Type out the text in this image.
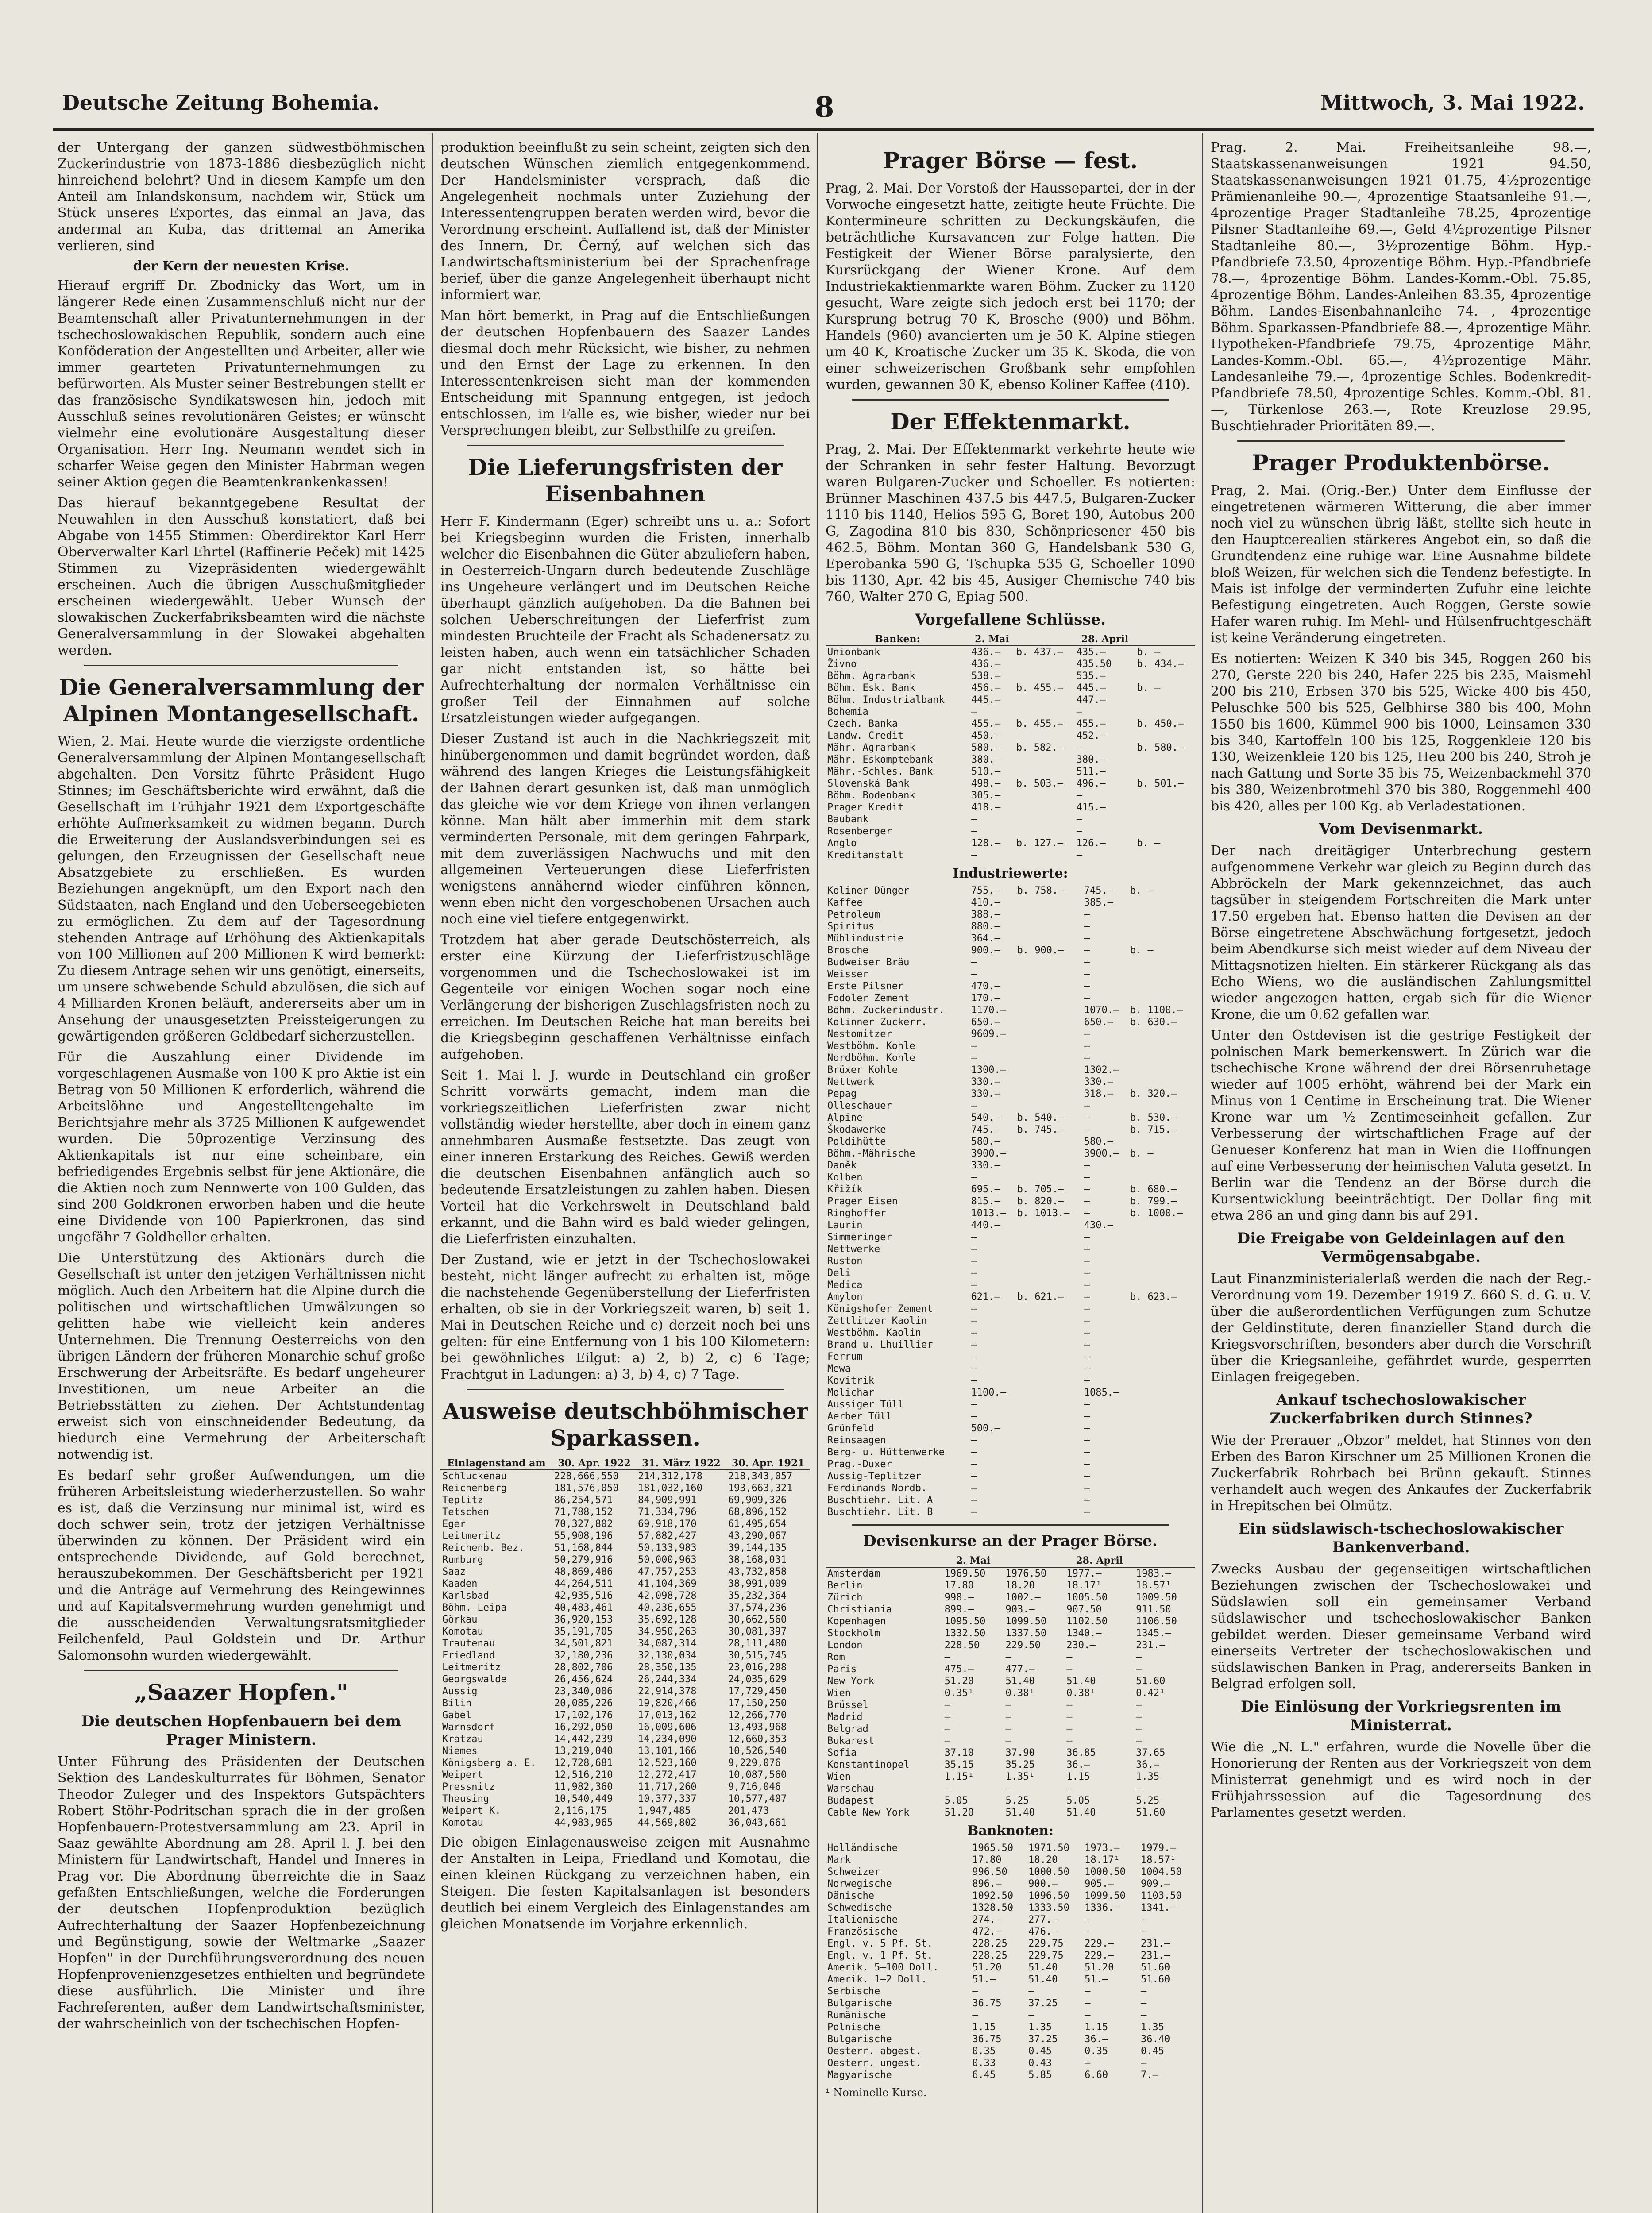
Deutsche Zeitung Bohemia.	8	Mittwoch, 3. Mai 1922.

der Untergang der ganzen südwestböhmischen Zuckerindustrie von 1873-1886 diesbezüglich nicht hinreichend belehrt? Und in diesem Kampfe um den Anteil am Inlandskonsum, nachdem wir, Stück um Stück unseres Exportes, das einmal an Java, das andermal an Kuba, das drittemal an Amerika verlieren, sind

der Kern der neuesten Krise.

Hierauf ergriff Dr. Zbodnicky das Wort, um in längerer Rede einen Zusammenschluß nicht nur der Beamtenschaft aller Privatunternehmungen in der tschechoslowakischen Republik, sondern auch eine Konföderation der Angestellten und Arbeiter, aller wie immer gearteten Privatunternehmungen zu befürworten. Als Muster seiner Bestrebungen stellt er das französische Syndikatswesen hin, jedoch mit Ausschluß seines revolutionären Geistes; er wünscht vielmehr eine evolutionäre Ausgestaltung dieser Organisation. Herr Ing. Neumann wendet sich in scharfer Weise gegen den Minister Habrman wegen seiner Aktion gegen die Beamtenkrankenkassen!

Das hierauf bekanntgegebene Resultat der Neuwahlen in den Ausschuß konstatiert, daß bei Abgabe von 1455 Stimmen: Oberdirektor Karl Herr Oberverwalter Karl Ehrtel (Raffinerie Peček) mit 1425 Stimmen zu Vizepräsidenten wiedergewählt erscheinen. Auch die übrigen Ausschußmitglieder erscheinen wiedergewählt. Ueber Wunsch der slowakischen Zuckerfabriksbeamten wird die nächste Generalversammlung in der Slowakei abgehalten werden.

Die Generalversammlung der Alpinen Montangesellschaft.

Wien, 2. Mai. Heute wurde die vierzigste ordentliche Generalversammlung der Alpinen Montangesellschaft abgehalten. Den Vorsitz führte Präsident Hugo Stinnes; im Geschäftsberichte wird erwähnt, daß die Gesellschaft im Frühjahr 1921 dem Exportgeschäfte erhöhte Aufmerksamkeit zu widmen begann. Durch die Erweiterung der Auslandsverbindungen sei es gelungen, den Erzeugnissen der Gesellschaft neue Absatzgebiete zu erschließen. Es wurden Beziehungen angeknüpft, um den Export nach den Südstaaten, nach England und den Ueberseegebieten zu ermöglichen. Zu dem auf der Tagesordnung stehenden Antrage auf Erhöhung des Aktienkapitals von 100 Millionen auf 200 Millionen K wird bemerkt: Zu diesem Antrage sehen wir uns genötigt, einerseits, um unsere schwebende Schuld abzulösen, die sich auf 4 Milliarden Kronen beläuft, andererseits aber um in Ansehung der unausgesetzten Preissteigerungen zu gewärtigenden größeren Geldbedarf sicherzustellen.

Für die Auszahlung einer Dividende im vorgeschlagenen Ausmaße von 100 K pro Aktie ist ein Betrag von 50 Millionen K erforderlich, während die Arbeitslöhne und Angestelltengehalte im Berichtsjahre mehr als 3725 Millionen K aufgewendet wurden. Die 50prozentige Verzinsung des Aktienkapitals ist nur eine scheinbare, ein befriedigendes Ergebnis selbst für jene Aktionäre, die die Aktien noch zum Nennwerte von 100 Gulden, das sind 200 Goldkronen erworben haben und die heute eine Dividende von 100 Papierkronen, das sind ungefähr 7 Goldheller erhalten.

Die Unterstützung des Aktionärs durch die Gesellschaft ist unter den jetzigen Verhältnissen nicht möglich. Auch den Arbeitern hat die Alpine durch die politischen und wirtschaftlichen Umwälzungen so gelitten habe wie vielleicht kein anderes Unternehmen. Die Trennung Oesterreichs von den übrigen Ländern der früheren Monarchie schuf große Erschwerung der Arbeitsräfte. Es bedarf ungeheurer Investitionen, um neue Arbeiter an die Betriebsstätten zu ziehen. Der Achtstundentag erweist sich von einschneidender Bedeutung, da hiedurch eine Vermehrung der Arbeiterschaft notwendig ist.

Es bedarf sehr großer Aufwendungen, um die früheren Arbeitsleistung wiederherzustellen. So wahr es ist, daß die Verzinsung nur minimal ist, wird es doch schwer sein, trotz der jetzigen Verhältnisse überwinden zu können. Der Präsident wird ein entsprechende Dividende, auf Gold berechnet, herauszubekommen. Der Geschäftsbericht per 1921 und die Anträge auf Vermehrung des Reingewinnes und auf Kapitalsvermehrung wurden genehmigt und die ausscheidenden Verwaltungsratsmitglieder Feilchenfeld, Paul Goldstein und Dr. Arthur Salomonsohn wurden wiedergewählt.

„Saazer Hopfen."
Die deutschen Hopfenbauern bei dem Prager Ministern.

Unter Führung des Präsidenten der Deutschen Sektion des Landeskulturrates für Böhmen, Senator Theodor Zuleger und des Inspektors Gutspächters Robert Stöhr-Podritschan sprach die in der großen Hopfenbauern-Protestversammlung am 23. April in Saaz gewählte Abordnung am 28. April l. J. bei den Ministern für Landwirtschaft, Handel und Inneres in Prag vor. Die Abordnung überreichte die in Saaz gefaßten Entschließungen, welche die Forderungen der deutschen Hopfenproduktion bezüglich Aufrechterhaltung der Saazer Hopfenbezeichnung und Begünstigung, sowie der Weltmarke „Saazer Hopfen" in der Durchführungsverordnung des neuen Hopfenprovenienzgesetzes enthielten und begründete diese ausführlich. Die Minister und ihre Fachreferenten, außer dem Landwirtschaftsminister, der wahrscheinlich von der tschechischen Hopfen-

produktion beeinflußt zu sein scheint, zeigten sich den deutschen Wünschen ziemlich entgegenkommend. Der Handelsminister versprach, daß die Angelegenheit nochmals unter Zuziehung der Interessentengruppen beraten werden wird, bevor die Verordnung erscheint. Auffallend ist, daß der Minister des Innern, Dr. Černý, auf welchen sich das Landwirtschaftsministerium bei der Sprachenfrage berief, über die ganze Angelegenheit überhaupt nicht informiert war.

Man hört bemerkt, in Prag auf die Entschließungen der deutschen Hopfenbauern des Saazer Landes diesmal doch mehr Rücksicht, wie bisher, zu nehmen und den Ernst der Lage zu erkennen. In den Interessentenkreisen sieht man der kommenden Entscheidung mit Spannung entgegen, ist jedoch entschlossen, im Falle es, wie bisher, wieder nur bei Versprechungen bleibt, zur Selbsthilfe zu greifen.

Die Lieferungsfristen der Eisenbahnen

Herr F. Kindermann (Eger) schreibt uns u. a.: Sofort bei Kriegsbeginn wurden die Fristen, innerhalb welcher die Eisenbahnen die Güter abzuliefern haben, in Oesterreich-Ungarn durch bedeutende Zuschläge ins Ungeheure verlängert und im Deutschen Reiche überhaupt gänzlich aufgehoben. Da die Bahnen bei solchen Ueberschreitungen der Lieferfrist zum mindesten Bruchteile der Fracht als Schadenersatz zu leisten haben, auch wenn ein tatsächlicher Schaden gar nicht entstanden ist, so hätte bei Aufrechterhaltung der normalen Verhältnisse ein großer Teil der Einnahmen auf solche Ersatzleistungen wieder aufgegangen.

Dieser Zustand ist auch in die Nachkriegszeit mit hinübergenommen und damit begründet worden, daß während des langen Krieges die Leistungsfähigkeit der Bahnen derart gesunken ist, daß man unmöglich das gleiche wie vor dem Kriege von ihnen verlangen könne. Man hält aber immerhin mit dem stark verminderten Personale, mit dem geringen Fahrpark, mit dem zuverlässigen Nachwuchs und mit den allgemeinen Verteuerungen diese Lieferfristen wenigstens annähernd wieder einführen können, wenn eben nicht den vorgeschobenen Ursachen auch noch eine viel tiefere entgegenwirkt.

Trotzdem hat aber gerade Deutschösterreich, als erster eine Kürzung der Lieferfristzuschläge vorgenommen und die Tschechoslowakei ist im Gegenteile vor einigen Wochen sogar noch eine Verlängerung der bisherigen Zuschlagsfristen noch zu erreichen. Im Deutschen Reiche hat man bereits bei die Kriegsbeginn geschaffenen Verhältnisse einfach aufgehoben.

Seit 1. Mai l. J. wurde in Deutschland ein großer Schritt vorwärts gemacht, indem man die vorkriegszeitlichen Lieferfristen zwar nicht vollständig wieder herstellte, aber doch in einem ganz annehmbaren Ausmaße festsetzte. Das zeugt von einer inneren Erstarkung des Reiches. Gewiß werden die deutschen Eisenbahnen anfänglich auch so bedeutende Ersatzleistungen zu zahlen haben. Diesen Vorteil hat die Verkehrswelt in Deutschland bald erkannt, und die Bahn wird es bald wieder gelingen, die Lieferfristen einzuhalten.

Der Zustand, wie er jetzt in der Tschechoslowakei besteht, nicht länger aufrecht zu erhalten ist, möge die nachstehende Gegenüberstellung der Lieferfristen erhalten, ob sie in der Vorkriegszeit waren, b) seit 1. Mai in Deutschen Reiche und c) derzeit noch bei uns gelten: für eine Entfernung von 1 bis 100 Kilometern: bei gewöhnliches Eilgut: a) 2, b) 2, c) 6 Tage; Frachtgut in Ladungen: a) 3, b) 4, c) 7 Tage.

Ausweise deutschböhmischer Sparkassen.
Einlagenstand am	30. Apr. 1922	31. März 1922	30. Apr. 1921
Schluckenau	228,666,550	214,312,178	218,343,057
Reichenberg	181,576,050	181,032,160	193,663,321
Teplitz	86,254,571	84,909,991	69,909,326
Tetschen	71,788,152	71,334,796	68,896,152
Eger	70,327,802	69,918,170	61,495,654
Leitmeritz	55,908,196	57,882,427	43,290,067
Reichenb. Bez.	51,168,844	50,133,983	39,144,135
Rumburg	50,279,916	50,000,963	38,168,031
Saaz	48,869,486	47,757,253	43,732,858
Kaaden	44,264,511	41,104,369	38,991,009
Karlsbad	42,935,516	42,098,728	35,232,364
Böhm.-Leipa	40,483,461	40,236,655	37,574,236
Görkau	36,920,153	35,692,128	30,662,560
Komotau	35,191,705	34,950,263	30,081,397
Trautenau	34,501,821	34,087,314	28,111,480
Friedland	32,180,236	32,130,034	30,515,745
Leitmeritz	28,802,706	28,350,135	23,016,208
Georgswalde	26,456,624	26,244,334	24,035,629
Aussig	23,340,006	22,914,378	17,729,450
Bilin	20,085,226	19,820,466	17,150,250
Gabel	17,102,176	17,013,162	12,266,770
Warnsdorf	16,292,050	16,009,606	13,493,968
Kratzau	14,442,239	14,234,090	12,660,353
Niemes	13,219,040	13,101,166	10,526,540
Königsberg a. E.	12,728,681	12,523,160	9,229,076
Weipert	12,516,210	12,272,417	10,087,560
Pressnitz	11,982,360	11,717,260	9,716,046
Theusing	10,540,449	10,377,337	10,577,407
Weipert K.	2,116,175	1,947,485	201,473
Komotau	44,983,965	44,569,802	36,043,661

Die obigen Einlagenausweise zeigen mit Ausnahme der Anstalten in Leipa, Friedland und Komotau, die einen kleinen Rückgang zu verzeichnen haben, ein Steigen. Die festen Kapitalsanlagen ist besonders deutlich bei einem Vergleich des Einlagenstandes am gleichen Monatsende im Vorjahre erkennlich.

Prager Börse — fest.

Prag, 2. Mai. Der Vorstoß der Haussepartei, der in der Vorwoche eingesetzt hatte, zeitigte heute Früchte. Die Kontermineure schritten zu Deckungskäufen, die beträchtliche Kursavancen zur Folge hatten. Die Festigkeit der Wiener Börse paralysierte, den Kursrückgang der Wiener Krone. Auf dem Industriekaktienmarkte waren Böhm. Zucker zu 1120 gesucht, Ware zeigte sich jedoch erst bei 1170; der Kursprung betrug 70 K, Brosche (900) und Böhm. Handels (960) avancierten um je 50 K. Alpine stiegen um 40 K, Kroatische Zucker um 35 K. Skoda, die von einer schweizerischen Großbank sehr empfohlen wurden, gewannen 30 K, ebenso Koliner Kaffee (410).

Der Effektenmarkt.

Prag, 2. Mai. Der Effektenmarkt verkehrte heute wie der Schranken in sehr fester Haltung. Bevorzugt waren Bulgaren-Zucker und Schoeller. Es notierten: Brünner Maschinen 437.5 bis 447.5, Bulgaren-Zucker 1110 bis 1140, Helios 595 G, Boret 190, Autobus 200 G, Zagodina 810 bis 830, Schönpriesener 450 bis 462.5, Böhm. Montan 360 G, Handelsbank 530 G, Eperobanka 590 G, Tschupka 535 G, Schoeller 1090 bis 1130, Apr. 42 bis 45, Ausiger Chemische 740 bis 760, Walter 270 G, Epiag 500.

Vorgefallene Schlüsse.
Banken:	2. Mai		28. April	
Unionbank	436.—	b. 437.—	435.—	b. —
Živno	436.—		435.50	b. 434.—
Böhm. Agrarbank	538.—		535.—	
Böhm. Esk. Bank	456.—	b. 455.—	445.—	b. —
Böhm. Industrialbank	445.—		447.—	
Bohemia	—		—	
Czech. Banka	455.—	b. 455.—	455.—	b. 450.—
Landw. Credit	450.—		452.—	
Mähr. Agrarbank	580.—	b. 582.—	—	b. 580.—
Mähr. Eskomptebank	380.—		380.—	
Mähr.-Schles. Bank	510.—		511.—	
Slovenská Bank	498.—	b. 503.—	496.—	b. 501.—
Böhm. Bodenbank	305.—		—	
Prager Kredit	418.—		415.—	
Baubank	—		—	
Rosenberger	—		—	
Anglo	128.—	b. 127.—	126.—	b. —
Kreditanstalt	—		—	
Industriewerte:
Koliner Dünger	755.—	b. 758.—	745.—	b. —
Kaffee	410.—		385.—	
Petroleum	388.—		—	
Spiritus	880.—		—	
Mühlindustrie	364.—		—	
Brosche	900.—	b. 900.—	—	b. —
Budweiser Bräu	—		—	
Weisser	—		—	
Erste Pilsner	470.—		—	
Fodoler Zement	170.—		—	
Böhm. Zuckerindustr.	1170.—		1070.—	b. 1100.—
Kolinner Zuckerr.	650.—		650.—	b. 630.—
Nestomitzer	9609.—		—	
Westböhm. Kohle	—		—	
Nordböhm. Kohle	—		—	
Brüxer Kohle	1300.—		1302.—	
Nettwerk	330.—		330.—	
Pepag	330.—		318.—	b. 320.—
Olleschauer	—		—	
Alpine	540.—	b. 540.—	—	b. 530.—
Škodawerke	745.—	b. 745.—	—	b. 715.—
Poldihütte	580.—		580.—	
Böhm.-Mährische	3900.—		3900.—	b. —
Daněk	330.—		—	
Kolben	—		—	
Křižík	695.—	b. 705.—	—	b. 680.—
Prager Eisen	815.—	b. 820.—	—	b. 799.—
Ringhoffer	1013.—	b. 1013.—	—	b. 1000.—
Laurin	440.—		430.—	
Simmeringer	—		—	
Nettwerke	—		—	
Ruston	—		—	
Deli	—		—	
Medica	—		—	
Amylon	621.—	b. 621.—	—	b. 623.—
Königshofer Zement	—		—	
Zettlitzer Kaolin	—		—	
Westböhm. Kaolin	—		—	
Brand u. Lhuillier	—		—	
Ferrum	—		—	
Mewa	—		—	
Kovitrik	—		—	
Molichar	1100.—		1085.—	
Aussiger Tüll	—		—	
Aerber Tüll	—		—	
Grünfeld	500.—		—	
Reinsaagen	—		—	
Berg- u. Hüttenwerke	—		—	
Prag.-Duxer	—		—	
Aussig-Teplitzer	—		—	
Ferdinands Nordb.	—		—	
Buschtiehr. Lit. A	—		—	
Buschtiehr. Lit. B	—		—	
Devisenkurse an der Prager Börse.
	2. Mai		28. April	
Amsterdam	1969.50	1976.50	1977.—	1983.—
Berlin	17.80	18.20	18.17¹	18.57¹
Zürich	998.—	1002.—	1005.50	1009.50
Christiania	899.—	903.—	907.50	911.50
Kopenhagen	1095.50	1099.50	1102.50	1106.50
Stockholm	1332.50	1337.50	1340.—	1345.—
London	228.50	229.50	230.—	231.—
Rom	—	—	—	—
Paris	475.—	477.—	—	—
New York	51.20	51.40	51.40	51.60
Wien	0.35¹	0.38¹	0.38¹	0.42¹
Brüssel	—	—	—	—
Madrid	—	—	—	—
Belgrad	—	—	—	—
Bukarest	—	—	—	—
Sofia	37.10	37.90	36.85	37.65
Konstantinopel	35.15	35.25	36.—	36.—
Wien	1.15¹	1.35¹	1.15	1.35
Warschau	—	—	—	—
Budapest	5.05	5.25	5.05	5.25
Cable New York	51.20	51.40	51.40	51.60
Banknoten:
Holländische	1965.50	1971.50	1973.—	1979.—
Mark	17.80	18.20	18.17¹	18.57¹
Schweizer	996.50	1000.50	1000.50	1004.50
Norwegische	896.—	900.—	905.—	909.—
Dänische	1092.50	1096.50	1099.50	1103.50
Schwedische	1328.50	1333.50	1336.—	1341.—
Italienische	274.—	277.—	—	—
Französische	472.—	476.—	—	—
Engl. v. 5 Pf. St.	228.25	229.75	229.—	231.—
Engl. v. 1 Pf. St.	228.25	229.75	229.—	231.—
Amerik. 5–100 Doll.	51.20	51.40	51.20	51.60
Amerik. 1–2 Doll.	51.—	51.40	51.—	51.60
Serbische	—	—	—	—
Bulgarische	36.75	37.25	—	—
Rumänische	—	—	—	—
Polnische	1.15	1.35	1.15	1.35
Bulgarische	36.75	37.25	36.—	36.40
Oesterr. abgest.	0.35	0.45	0.35	0.45
Oesterr. ungest.	0.33	0.43	—	—
Magyarische	6.45	5.85	6.60	7.—

¹ Nominelle Kurse.

Prag. 2. Mai. Freiheitsanleihe 98.—, Staatskassenanweisungen 1921 94.50, Staatskassenanweisungen 1921 01.75, 4½prozentige Prämienanleihe 90.—, 4prozentige Staatsanleihe 91.—, 4prozentige Prager Stadtanleihe 78.25, 4prozentige Pilsner Stadtanleihe 69.—, Geld 4½prozentige Pilsner Stadtanleihe 80.—, 3½prozentige Böhm. Hyp.-Pfandbriefe 73.50, 4prozentige Böhm. Hyp.-Pfandbriefe 78.—, 4prozentige Böhm. Landes-Komm.-Obl. 75.85, 4prozentige Böhm. Landes-Anleihen 83.35, 4prozentige Böhm. Landes-Eisenbahnanleihe 74.—, 4prozentige Böhm. Sparkassen-Pfandbriefe 88.—, 4prozentige Mähr. Hypotheken-Pfandbriefe 79.75, 4prozentige Mähr. Landes-Komm.-Obl. 65.—, 4½prozentige Mähr. Landesanleihe 79.—, 4prozentige Schles. Bodenkredit-Pfandbriefe 78.50, 4prozentige Schles. Komm.-Obl. 81.—, Türkenlose 263.—, Rote Kreuzlose 29.95, Buschtiehrader Prioritäten 89.—.

Prager Produktenbörse.

Prag, 2. Mai. (Orig.-Ber.) Unter dem Einflusse der eingetretenen wärmeren Witterung, die aber immer noch viel zu wünschen übrig läßt, stellte sich heute in den Hauptcerealien stärkeres Angebot ein, so daß die Grundtendenz eine ruhige war. Eine Ausnahme bildete bloß Weizen, für welchen sich die Tendenz befestigte. In Mais ist infolge der verminderten Zufuhr eine leichte Befestigung eingetreten. Auch Roggen, Gerste sowie Hafer waren ruhig. Im Mehl- und Hülsenfruchtgeschäft ist keine Veränderung eingetreten.

Es notierten: Weizen K 340 bis 345, Roggen 260 bis 270, Gerste 220 bis 240, Hafer 225 bis 235, Maismehl 200 bis 210, Erbsen 370 bis 525, Wicke 400 bis 450, Peluschke 500 bis 525, Gelbhirse 380 bis 400, Mohn 1550 bis 1600, Kümmel 900 bis 1000, Leinsamen 330 bis 340, Kartoffeln 100 bis 125, Roggenkleie 120 bis 130, Weizenkleie 120 bis 125, Heu 200 bis 240, Stroh je nach Gattung und Sorte 35 bis 75, Weizenbackmehl 370 bis 380, Weizenbrotmehl 370 bis 380, Roggenmehl 400 bis 420, alles per 100 Kg. ab Verladestationen.

Vom Devisenmarkt.

Der nach dreitägiger Unterbrechung gestern aufgenommene Verkehr war gleich zu Beginn durch das Abbröckeln der Mark gekennzeichnet, das auch tagsüber in steigendem Fortschreiten die Mark unter 17.50 ergeben hat. Ebenso hatten die Devisen an der Börse eingetretene Abschwächung fortgesetzt, jedoch beim Abendkurse sich meist wieder auf dem Niveau der Mittagsnotizen hielten. Ein stärkerer Rückgang als das Echo Wiens, wo die ausländischen Zahlungsmittel wieder angezogen hatten, ergab sich für die Wiener Krone, die um 0.62 gefallen war.

Unter den Ostdevisen ist die gestrige Festigkeit der polnischen Mark bemerkenswert. In Zürich war die tschechische Krone während der drei Börsenruhetage wieder auf 1005 erhöht, während bei der Mark ein Minus von 1 Centime in Erscheinung trat. Die Wiener Krone war um ½ Zentimeseinheit gefallen. Zur Verbesserung der wirtschaftlichen Frage auf der Genueser Konferenz hat man in Wien die Hoffnungen auf eine Verbesserung der heimischen Valuta gesetzt. In Berlin war die Tendenz an der Börse durch die Kursentwicklung beeinträchtigt. Der Dollar fing mit etwa 286 an und ging dann bis auf 291.

Die Freigabe von Geldeinlagen auf den Vermögensabgabe.

Laut Finanzministerialerlaß werden die nach der Reg.-Verordnung vom 19. Dezember 1919 Z. 660 S. d. G. u. V. über die außerordentlichen Verfügungen zum Schutze der Geldinstitute, deren finanzieller Stand durch die Kriegsvorschriften, besonders aber durch die Vorschrift über die Kriegsanleihe, gefährdet wurde, gesperrten Einlagen freigegeben.

Ankauf tschechoslowakischer Zuckerfabriken durch Stinnes?

Wie der Prerauer „Obzor" meldet, hat Stinnes von den Erben des Baron Kirschner um 25 Millionen Kronen die Zuckerfabrik Rohrbach bei Brünn gekauft. Stinnes verhandelt auch wegen des Ankaufes der Zuckerfabrik in Hrepitschen bei Olmütz.

Ein südslawisch-tschechoslowakischer Bankenverband.

Zwecks Ausbau der gegenseitigen wirtschaftlichen Beziehungen zwischen der Tschechoslowakei und Südslawien soll ein gemeinsamer Verband südslawischer und tschechoslowakischer Banken gebildet werden. Dieser gemeinsame Verband wird einerseits Vertreter der tschechoslowakischen und südslawischen Banken in Prag, andererseits Banken in Belgrad erfolgen soll.

Die Einlösung der Vorkriegsrenten im Ministerrat.

Wie die „N. L." erfahren, wurde die Novelle über die Honorierung der Renten aus der Vorkriegszeit von dem Ministerrat genehmigt und es wird noch in der Frühjahrssession auf die Tagesordnung des Parlamentes gesetzt werden.
